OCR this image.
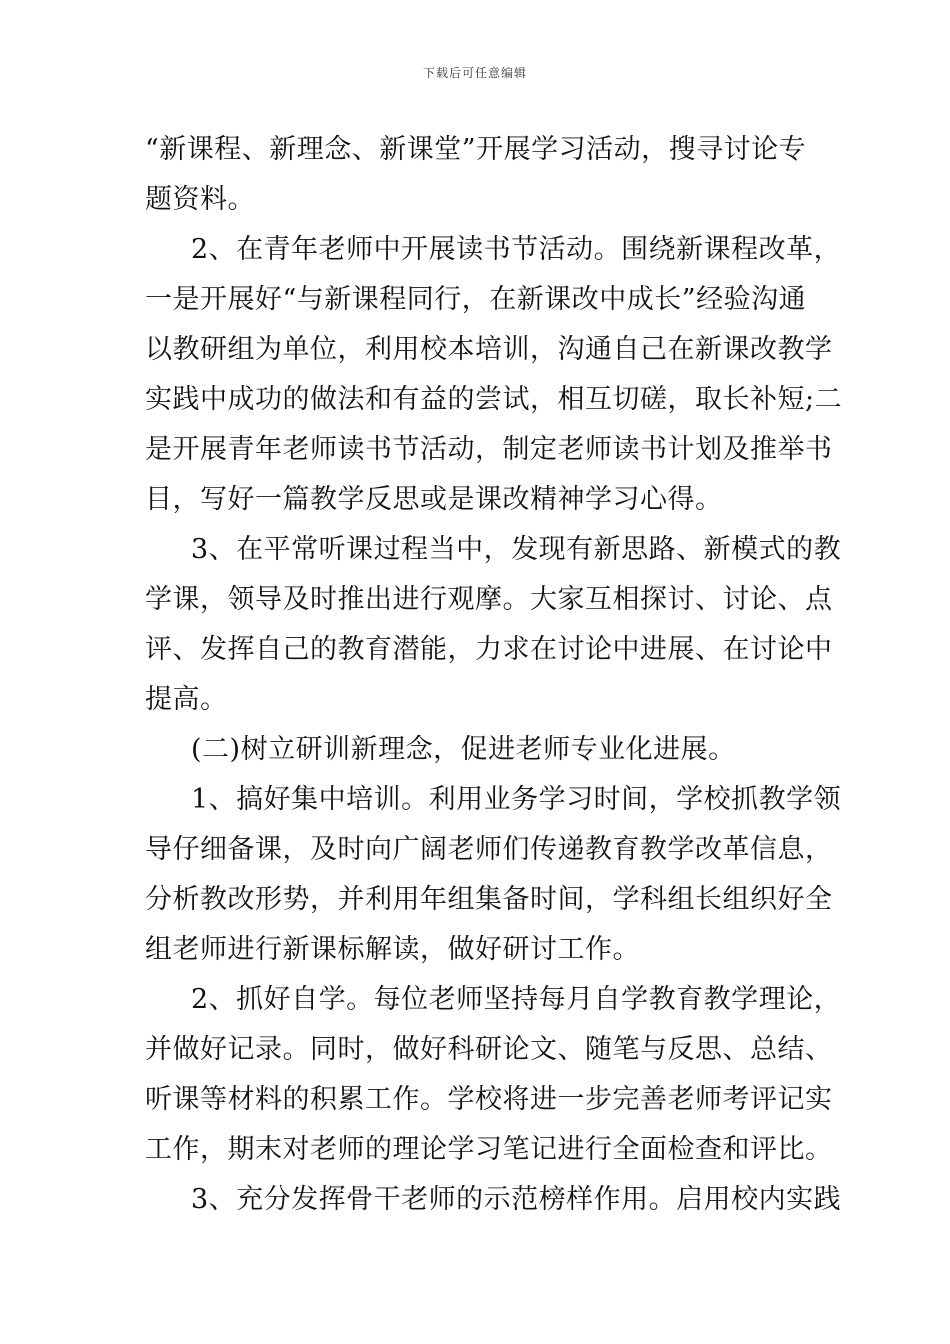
下载后可任意编辑
“新课程、新理念、新课堂”开展学习活动，搜寻讨论专
题资料。
2、在青年老师中开展读书节活动。围绕新课程改革，
一是开展好“与新课程同行，在新课改中成长”经验沟通
以教研组为单位，利用校本培训，沟通自己在新课改教学
实践中成功的做法和有益的尝试，相互切磋，取长补短;二
是开展青年老师读书节活动，制定老师读书计划及推举书
目，写好一篇教学反思或是课改精神学习心得。
3、在平常听课过程当中，发现有新思路、新模式的教
学课，领导及时推出进行观摩。大家互相探讨、讨论、点
评、发挥自己的教育潜能，力求在讨论中进展、在讨论中
提高。
(二)树立研训新理念，促进老师专业化进展。
1、搞好集中培训。利用业务学习时间，学校抓教学领
导仔细备课，及时向广阔老师们传递教育教学改革信息，
分析教改形势，并利用年组集备时间，学科组长组织好全
组老师进行新课标解读，做好研讨工作。
2、抓好自学。每位老师坚持每月自学教育教学理论，
并做好记录。同时，做好科研论文、随笔与反思、总结、
听课等材料的积累工作。学校将进一步完善老师考评记实
工作，期末对老师的理论学习笔记进行全面检查和评比。
3、充分发挥骨干老师的示范榜样作用。启用校内实践
